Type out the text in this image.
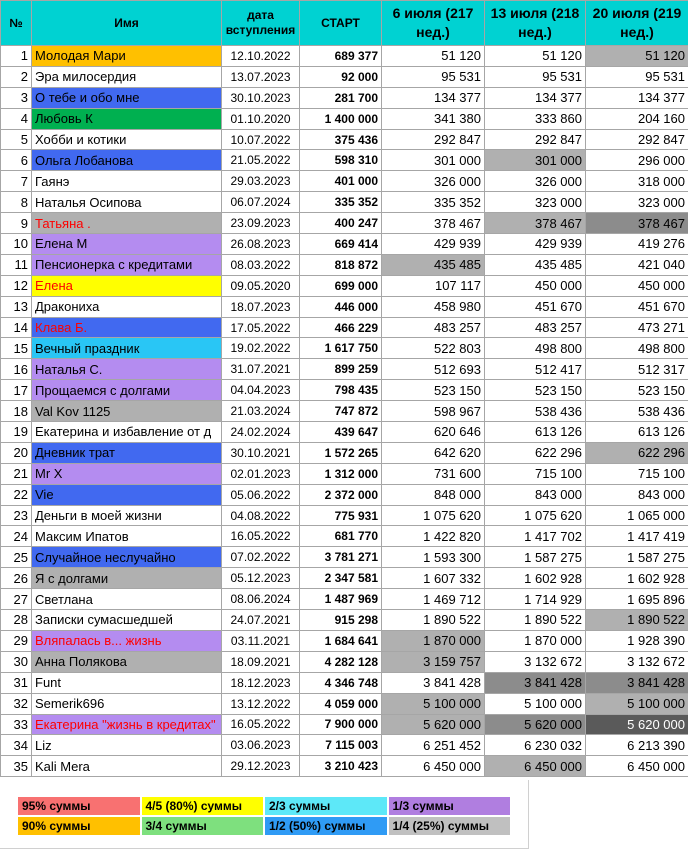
№	Имя	дата вступления	СТАРТ	6 июля (217 нед.)	13 июля (218 нед.)	20 июля (219 нед.)
1	Молодая Мари	12.10.2022	689 377	51 120	51 120	51 120
2	Эра милосердия	13.07.2023	92 000	95 531	95 531	95 531
3	О тебе и обо мне	30.10.2023	281 700	134 377	134 377	134 377
4	Любовь К	01.10.2020	1 400 000	341 380	333 860	204 160
5	Хобби и котики	10.07.2022	375 436	292 847	292 847	292 847
6	Ольга Лобанова	21.05.2022	598 310	301 000	301 000	296 000
7	Гаянэ	29.03.2023	401 000	326 000	326 000	318 000
8	Наталья Осипова	06.07.2024	335 352	335 352	323 000	323 000
9	Татьяна .	23.09.2023	400 247	378 467	378 467	378 467
10	Елена М	26.08.2023	669 414	429 939	429 939	419 276
11	Пенсионерка с кредитами	08.03.2022	818 872	435 485	435 485	421 040
12	Елена	09.05.2020	699 000	107 117	450 000	450 000
13	Дракониха	18.07.2023	446 000	458 980	451 670	451 670
14	Клава Б.	17.05.2022	466 229	483 257	483 257	473 271
15	Вечный праздник	19.02.2022	1 617 750	522 803	498 800	498 800
16	Наталья С.	31.07.2021	899 259	512 693	512 417	512 317
17	Прощаемся с долгами	04.04.2023	798 435	523 150	523 150	523 150
18	Val Kov 1125	21.03.2024	747 872	598 967	538 436	538 436
19	Екатерина и избавление от д	24.02.2024	439 647	620 646	613 126	613 126
20	Дневник трат	30.10.2021	1 572 265	642 620	622 296	622 296
21	Mr X	02.01.2023	1 312 000	731 600	715 100	715 100
22	Vie	05.06.2022	2 372 000	848 000	843 000	843 000
23	Деньги в моей жизни	04.08.2022	775 931	1 075 620	1 075 620	1 065 000
24	Максим Ипатов	16.05.2022	681 770	1 422 820	1 417 702	1 417 419
25	Случайное неслучайно	07.02.2022	3 781 271	1 593 300	1 587 275	1 587 275
26	Я с долгами	05.12.2023	2 347 581	1 607 332	1 602 928	1 602 928
27	Светлана	08.06.2024	1 487 969	1 469 712	1 714 929	1 695 896
28	Записки сумасшедшей	24.07.2021	915 298	1 890 522	1 890 522	1 890 522
29	Вляпалась в... жизнь	03.11.2021	1 684 641	1 870 000	1 870 000	1 928 390
30	Анна Полякова	18.09.2021	4 282 128	3 159 757	3 132 672	3 132 672
31	Funt	18.12.2023	4 346 748	3 841 428	3 841 428	3 841 428
32	Semerik696	13.12.2022	4 059 000	5 100 000	5 100 000	5 100 000
33	Екатерина "жизнь в кредитах"	16.05.2022	7 900 000	5 620 000	5 620 000	5 620 000
34	Liz	03.06.2023	7 115 003	6 251 452	6 230 032	6 213 390
35	Kali Mera	29.12.2023	3 210 423	6 450 000	6 450 000	6 450 000
95% суммы	4/5 (80%) суммы	2/3 суммы	1/3 суммы
90% суммы	3/4 суммы	1/2 (50%) суммы	1/4 (25%) суммы
